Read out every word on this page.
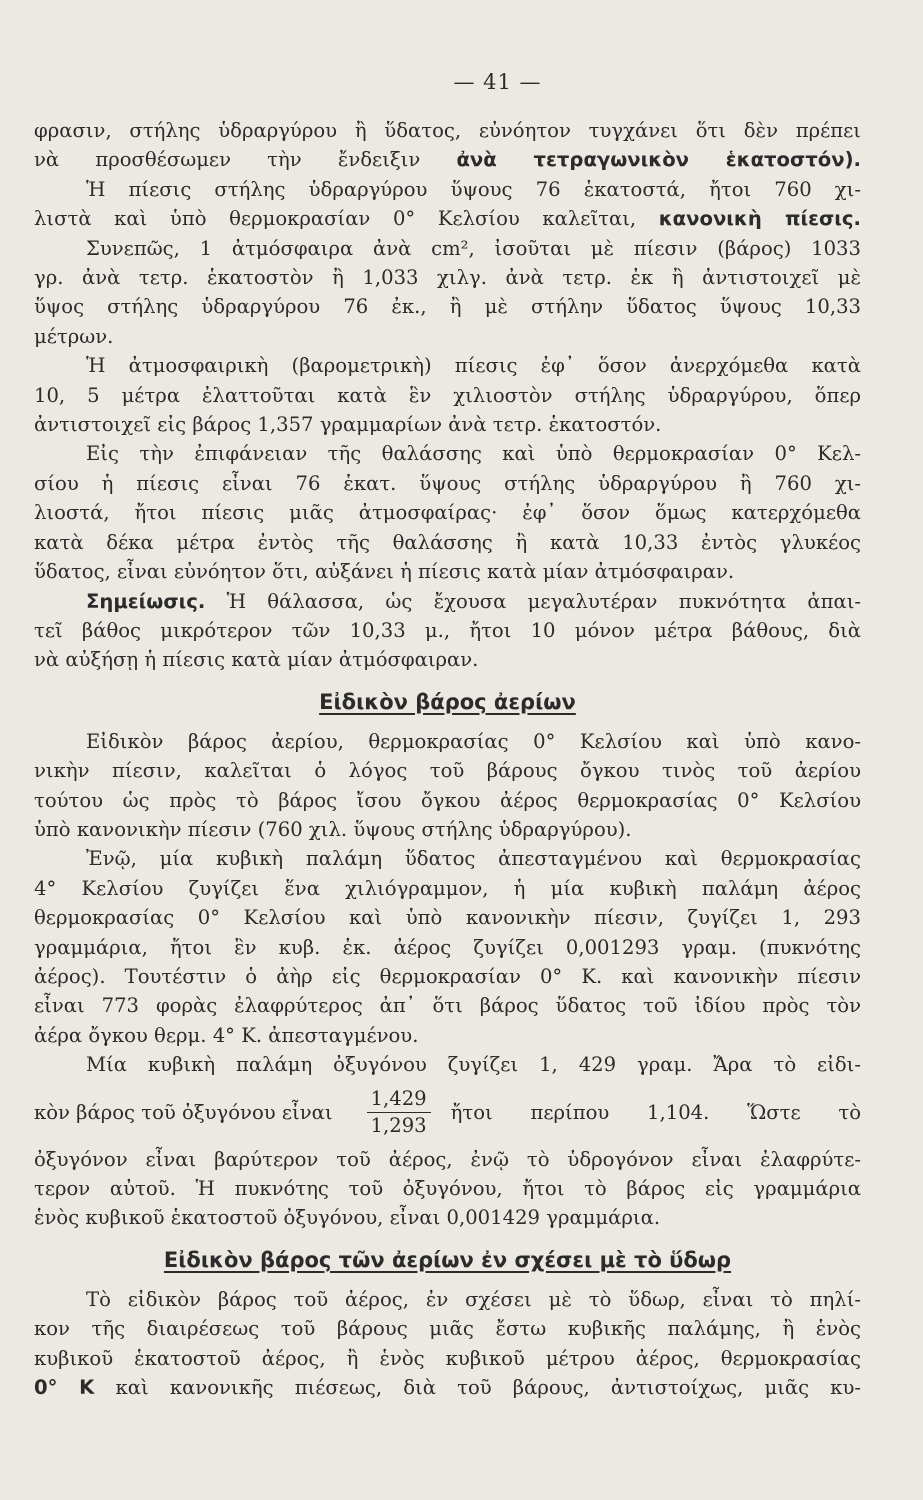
— 41 —

φρασιν, στήλης ὑδραργύρου ἢ ὕδατος, εὐνόητον τυγχάνει ὅτι δὲν πρέπει

νὰ προσθέσωμεν τὴν ἔνδειξιν ἀνὰ τετραγωνικὸν ἑκατοστόν).

Ἡ πίεσις στήλης ὑδραργύρου ὕψους 76 ἑκατοστά, ἤτοι 760 χι-

λιστὰ καὶ ὑπὸ θερμοκρασίαν 0° Κελσίου καλεῖται, κανονικὴ πίεσις.

Συνεπῶς, 1 ἀτμόσφαιρα ἀνὰ cm², ἰσοῦται μὲ πίεσιν (βάρος) 1033

γρ. ἀνὰ τετρ. ἑκατοστὸν ἢ 1,033 χιλγ. ἀνὰ τετρ. ἐκ ἢ ἀντιστοιχεῖ μὲ

ὕψος στήλης ὑδραργύρου 76 ἐκ., ἢ μὲ στήλην ὕδατος ὕψους 10,33

μέτρων.

Ἡ ἀτμοσφαιρικὴ (βαρομετρικὴ) πίεσις ἐφ᾽ ὅσον ἀνερχόμεθα κατὰ

10, 5 μέτρα ἐλαττοῦται κατὰ ἓν χιλιοστὸν στήλης ὑδραργύρου, ὅπερ

ἀντιστοιχεῖ εἰς βάρος 1,357 γραμμαρίων ἀνὰ τετρ. ἑκατοστόν.

Εἰς τὴν ἐπιφάνειαν τῆς θαλάσσης καὶ ὑπὸ θερμοκρασίαν 0° Κελ-

σίου ἡ πίεσις εἶναι 76 ἑκατ. ὕψους στήλης ὑδραργύρου ἢ 760 χι-

λιοστά, ἤτοι πίεσις μιᾶς ἀτμοσφαίρας· ἐφ᾽ ὅσον ὅμως κατερχόμεθα

κατὰ δέκα μέτρα ἐντὸς τῆς θαλάσσης ἢ κατὰ 10,33 ἐντὸς γλυκέος

ὕδατος, εἶναι εὐνόητον ὅτι, αὐξάνει ἡ πίεσις κατὰ μίαν ἀτμόσφαιραν.

Σημείωσις. Ἡ θάλασσα, ὡς ἔχουσα μεγαλυτέραν πυκνότητα ἀπαι-

τεῖ βάθος μικρότερον τῶν 10,33 μ., ἤτοι 10 μόνον μέτρα βάθους, διὰ

νὰ αὐξήσῃ ἡ πίεσις κατὰ μίαν ἀτμόσφαιραν.

Εἰδικὸν βάρος ἀερίων

Εἰδικὸν βάρος ἀερίου, θερμοκρασίας 0° Κελσίου καὶ ὑπὸ κανο-

νικὴν πίεσιν, καλεῖται ὁ λόγος τοῦ βάρους ὄγκου τινὸς τοῦ ἀερίου

τούτου ὡς πρὸς τὸ βάρος ἴσου ὄγκου ἀέρος θερμοκρασίας 0° Κελσίου

ὑπὸ κανονικὴν πίεσιν (760 χιλ. ὕψους στήλης ὑδραργύρου).

Ἐνῷ, μία κυβικὴ παλάμη ὕδατος ἀπεσταγμένου καὶ θερμοκρασίας

4° Κελσίου ζυγίζει ἕνα χιλιόγραμμον, ἡ μία κυβικὴ παλάμη ἀέρος

θερμοκρασίας 0° Κελσίου καὶ ὑπὸ κανονικὴν πίεσιν, ζυγίζει 1, 293

γραμμάρια, ἤτοι ἓν κυβ. ἐκ. ἀέρος ζυγίζει 0,001293 γραμ. (πυκνότης

ἀέρος). Τουτέστιν ὁ ἀὴρ εἰς θερμοκρασίαν 0° Κ. καὶ κανονικὴν πίεσιν

εἶναι 773 φορὰς ἐλαφρύτερος ἀπ᾽ ὅτι βάρος ὕδατος τοῦ ἰδίου πρὸς τὸν

ἀέρα ὄγκου θερμ. 4° Κ. ἀπεσταγμένου.

Μία κυβικὴ παλάμη ὀξυγόνου ζυγίζει 1, 429 γραμ. Ἄρα τὸ εἰδι-

κὸν βάρος τοῦ ὀξυγόνου εἶναι $\frac{1,429}{1,293}$ ἤτοι περίπου 1,104. Ὥστε τὸ

ὀξυγόνον εἶναι βαρύτερον τοῦ ἀέρος, ἐνῷ τὸ ὑδρογόνον εἶναι ἐλαφρύτε-

τερον αὐτοῦ. Ἡ πυκνότης τοῦ ὀξυγόνου, ἤτοι τὸ βάρος εἰς γραμμάρια

ἑνὸς κυβικοῦ ἑκατοστοῦ ὀξυγόνου, εἶναι 0,001429 γραμμάρια.

Εἰδικὸν βάρος τῶν ἀερίων ἐν σχέσει μὲ τὸ ὕδωρ

Τὸ εἰδικὸν βάρος τοῦ ἀέρος, ἐν σχέσει μὲ τὸ ὕδωρ, εἶναι τὸ πηλί-

κον τῆς διαιρέσεως τοῦ βάρους μιᾶς ἔστω κυβικῆς παλάμης, ἢ ἑνὸς

κυβικοῦ ἑκατοστοῦ ἀέρος, ἢ ἑνὸς κυβικοῦ μέτρου ἀέρος, θερμοκρασίας

0° Κ καὶ κανονικῆς πιέσεως, διὰ τοῦ βάρους, ἀντιστοίχως, μιᾶς κυ-
